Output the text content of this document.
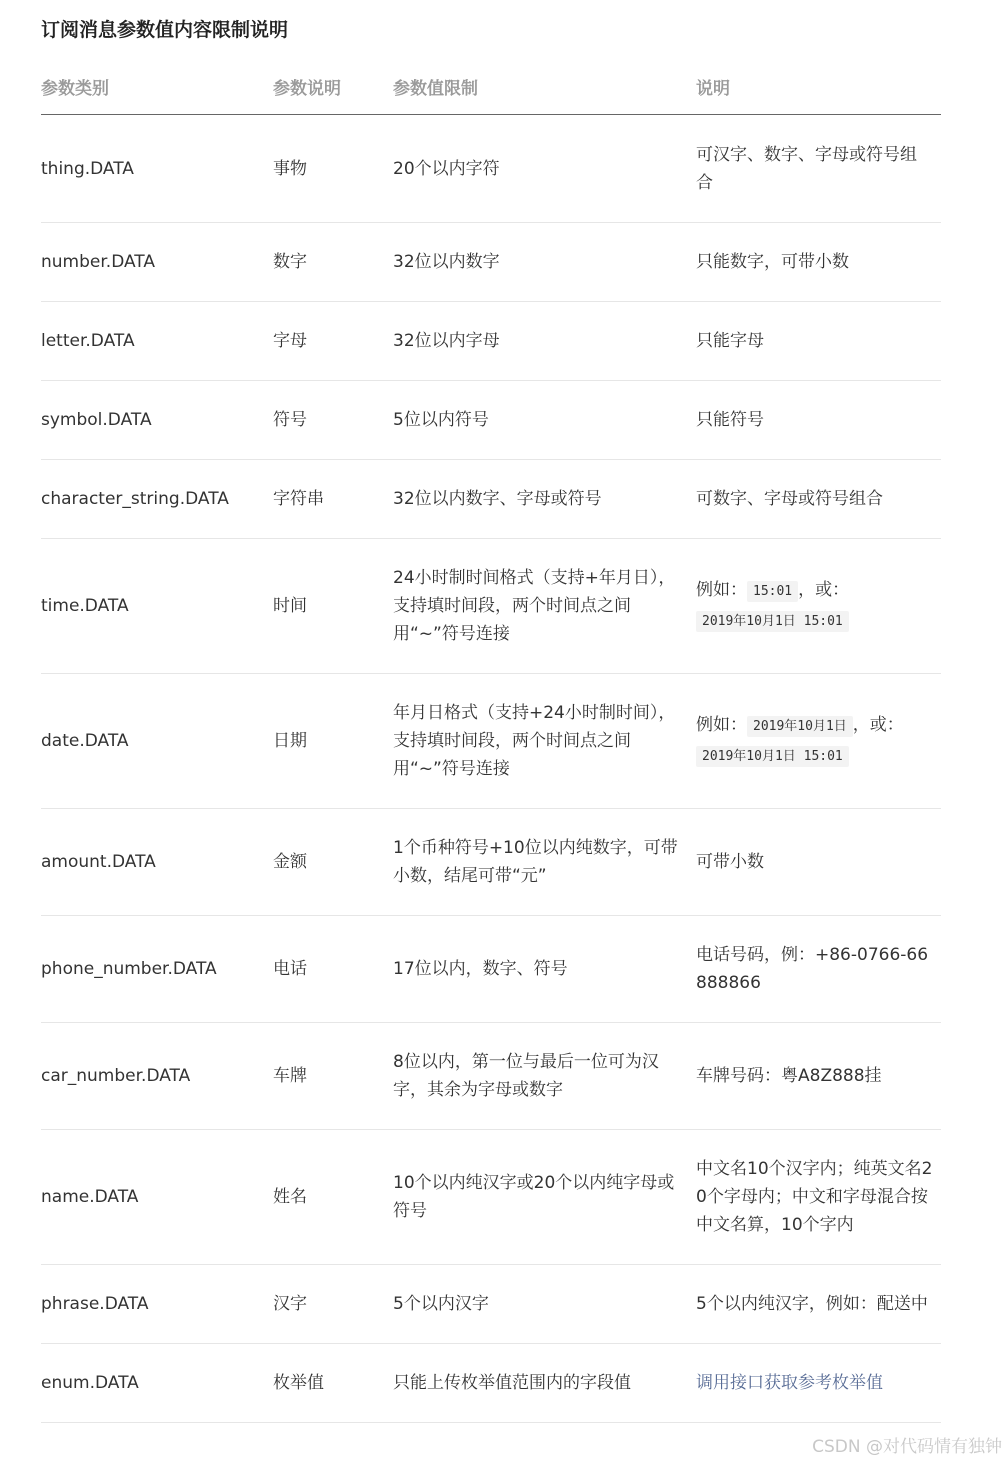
订阅消息参数值内容限制说明
参数类别	参数说明	参数值限制	说明
thing.DATA	事物	20个以内字符	可汉字、数字、字母或符号组合
number.DATA	数字	32位以内数字	只能数字，可带小数
letter.DATA	字母	32位以内字母	只能字母
symbol.DATA	符号	5位以内符号	只能符号
character_string.DATA	字符串	32位以内数字、字母或符号	可数字、字母或符号组合
time.DATA	时间	24小时制时间格式（支持+年月日），支持填时间段，两个时间点之间用“~”符号连接	例如： 15:01 ，或：
2019年10月1日 15:01
date.DATA	日期	年月日格式（支持+24小时制时间），支持填时间段，两个时间点之间用“~”符号连接	例如： 2019年10月1日 ，或：
2019年10月1日 15:01
amount.DATA	金额	1个币种符号+10位以内纯数字，可带小数，结尾可带“元”	可带小数
phone_number.DATA	电话	17位以内，数字、符号	电话号码，例：+86-0766-66888866
car_number.DATA	车牌	8位以内，第一位与最后一位可为汉字，其余为字母或数字	车牌号码：粤A8Z888挂
name.DATA	姓名	10个以内纯汉字或20个以内纯字母或符号	中文名10个汉字内；纯英文名20个字母内；中文和字母混合按中文名算，10个字内
phrase.DATA	汉字	5个以内汉字	5个以内纯汉字，例如：配送中
enum.DATA	枚举值	只能上传枚举值范围内的字段值	调用接口获取参考枚举值
CSDN @对代码情有独钟
